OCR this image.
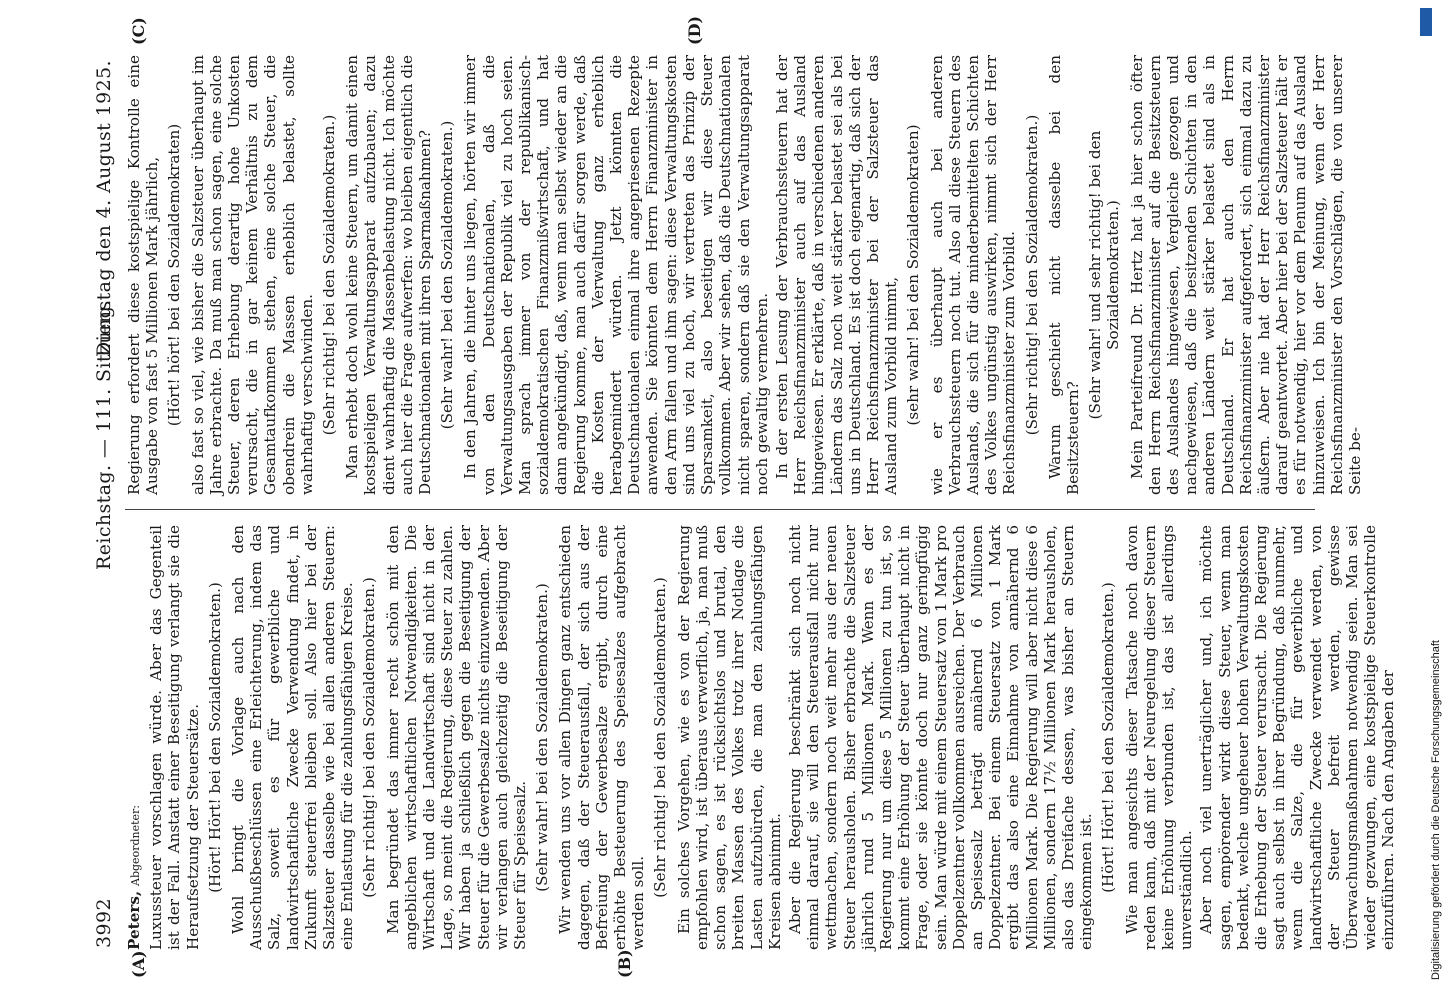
3992
Reichstag. — 111. Sitzung.
Dienstag den 4. August 1925.
(A)	(B)
(C)	(D)

Peters, Abgeordneter: Luxussteuer vorschlagen würde. Aber das Gegenteil ist der Fall. Anstatt einer Beseitigung verlangt sie die Heraufsetzung der Steuersätze. (Hört! Hört! bei den Sozialdemokraten.) Wohl bringt die Vorlage auch nach den Ausschußbeschlüssen eine Erleichterung, indem das Salz, soweit es für gewerbliche und landwirtschaftliche Zwecke Verwendung findet, in Zukunft steuerfrei bleiben soll. Also hier bei der Salzsteuer dasselbe wie bei allen anderen Steuern: eine Entlastung für die zahlungsfähigen Kreise. (Sehr richtig! bei den Sozialdemokraten.) Man begründet das immer recht schön mit den angeblichen wirtschaftlichen Notwendigkeiten. Die Wirtschaft und die Landwirtschaft sind nicht in der Lage, so meint die Regierung, diese Steuer zu zahlen. Wir haben ja schließlich gegen die Beseitigung der Steuer für die Gewerbesalze nichts einzuwenden. Aber wir verlangen auch gleichzeitig die Beseitigung der Steuer für Speisesalz. (Sehr wahr! bei den Sozialdemokraten.) Wir wenden uns vor allen Dingen ganz entschieden dagegen, daß der Steuerausfall, der sich aus der Befreiung der Gewerbesalze ergibt, durch eine erhöhte Besteuerung des Speisesalzes aufgebracht werden soll.

(Sehr richtig! bei den Sozialdemokraten.) Ein solches Vorgehen, wie es von der Regierung empfohlen wird, ist überaus verwerflich, ja, man muß schon sagen, es ist rücksichtslos und brutal, den breiten Massen des Volkes trotz ihrer Notlage die Lasten aufzubürden, die man den zahlungsfähigen Kreisen abnimmt. Aber die Regierung beschränkt sich noch nicht einmal darauf, sie will den Steuerausfall nicht nur wettmachen, sondern noch weit mehr aus der neuen Steuer herausholen. Bisher erbrachte die Salzsteuer jährlich rund 5 Millionen Mark. Wenn es der Regierung nur um diese 5 Millionen zu tun ist, so kommt eine Erhöhung der Steuer überhaupt nicht in Frage, oder sie könnte doch nur ganz geringfügig sein. Man würde mit einem Steuersatz von 1 Mark pro Doppelzentner vollkommen ausreichen. Der Verbrauch an Speisesalz beträgt annähernd 6 Millionen Doppelzentner. Bei einem Steuersatz von 1 Mark ergibt das also eine Einnahme von annähernd 6 Millionen Mark. Die Regierung will aber nicht diese 6 Millionen, sondern 17½ Millionen Mark herausholen, also das Dreifache dessen, was bisher an Steuern eingekommen ist. (Hört! Hört! bei den Sozialdemokraten.) Wie man angesichts dieser Tatsache noch davon reden kann, daß mit der Neuregelung dieser Steuern keine Erhöhung verbunden ist, das ist allerdings unverständlich. Aber noch viel unerträglicher und, ich möchte sagen, empörender wirkt diese Steuer, wenn man bedenkt, welche ungeheuer hohen Verwaltungskosten die Erhebung der Steuer verursacht. Die Regierung sagt auch selbst in ihrer Begründung, daß nunmehr, wenn die Salze, die für gewerbliche und landwirtschaftliche Zwecke verwendet werden, von der Steuer befreit werden, gewisse Überwachungsmaßnahmen notwendig seien. Man sei wieder gezwungen, eine kostspielige Steuerkontrolle einzuführen. Nach den Angaben der

Regierung erfordert diese kostspielige Kontrolle eine Ausgabe von fast 5 Millionen Mark jährlich, (Hört! hört! bei den Sozialdemokraten) also fast so viel, wie bisher die Salzsteuer überhaupt im Jahre erbrachte. Da muß man schon sagen, eine solche Steuer, deren Erhebung derartig hohe Unkosten verursacht, die in gar keinem Verhältnis zu dem Gesamtaufkommen stehen, eine solche Steuer, die obendrein die Massen erheblich belastet, sollte wahrhaftig verschwinden. (Sehr richtig! bei den Sozialdemokraten.) Man erhebt doch wohl keine Steuern, um damit einen kostspieligen Verwaltungsapparat aufzubauen; dazu dient wahrhaftig die Massenbelastung nicht. Ich möchte auch hier die Frage aufwerfen: wo bleiben eigentlich die Deutschnationalen mit ihren Sparmaßnahmen? (Sehr wahr! bei den Sozialdemokraten.) In den Jahren, die hinter uns liegen, hörten wir immer von den Deutschnationalen, daß die Verwaltungsausgaben der Republik viel zu hoch seien. Man sprach immer von der republikanisch-sozialdemokratischen Finanzmißwirtschaft, und hat dann angekündigt, daß, wenn man selbst wieder an die Regierung komme, man auch dafür sorgen werde, daß die Kosten der Verwaltung ganz erheblich herabgemindert würden. Jetzt könnten die Deutschnationalen einmal ihre angepriesenen Rezepte anwenden. Sie könnten dem Herrn Finanzminister in den Arm fallen und ihm sagen: diese Verwaltungskosten sind uns viel zu hoch, wir vertreten das Prinzip der Sparsamkeit, also beseitigen wir diese Steuer vollkommen. Aber wir sehen, daß die Deutschnationalen nicht sparen, sondern daß sie den Verwaltungsapparat noch gewaltig vermehren. In der ersten Lesung der Verbrauchssteuern hat der Herr Reichsfinanzminister auch auf das Ausland hingewiesen. Er erklärte, daß in verschiedenen anderen Ländern das Salz noch weit stärker belastet sei als bei uns in Deutschland. Es ist doch eigenartig, daß sich der Herr Reichsfinanzminister bei der Salzsteuer das Ausland zum Vorbild nimmt, (sehr wahr! bei den Sozialdemokraten) wie er es überhaupt auch bei anderen Verbrauchssteuern noch tut. Also all diese Steuern des Auslands, die sich für die minderbemittelten Schichten des Volkes ungünstig auswirken, nimmt sich der Herr Reichsfinanzminister zum Vorbild. (Sehr richtig! bei den Sozialdemokraten.) Warum geschieht nicht dasselbe bei den Besitzsteuern?

(Sehr wahr! und sehr richtig! bei den Sozialdemokraten.) Mein Parteifreund Dr. Hertz hat ja hier schon öfter den Herrn Reichsfinanzminister auf die Besitzsteuern des Auslandes hingewiesen, Vergleiche gezogen und nachgewiesen, daß die besitzenden Schichten in den anderen Ländern weit stärker belastet sind als in Deutschland. Er hat auch den Herrn Reichsfinanzminister aufgefordert, sich einmal dazu zu äußern. Aber nie hat der Herr Reichsfinanzminister darauf geantwortet. Aber hier bei der Salzsteuer hält er es für notwendig, hier vor dem Plenum auf das Ausland hinzuweisen. Ich bin der Meinung, wenn der Herr Reichsfinanzminister den Vorschlägen, die von unserer Seite be-

DFG
Digitalisierung gefördert durch die Deutsche Forschungsgemeinschaft
